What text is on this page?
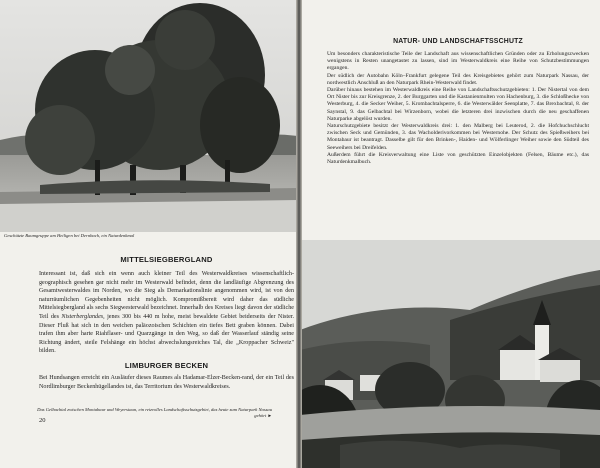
Geschützte Baumgruppe am Heiligen bei Dernbach, ein Naturdenkmal
MITTELSIEGBERGLAND

Interessant ist, daß sich ein wenn auch kleiner Teil des Westerwaldkreises wissenschaftlich-geographisch gesehen gar nicht mehr im Westerwald befindet, denn die landläufige Abgrenzung des Gesamtwesterwaldes im Norden, wo die Sieg als Demarkationslinie angenommen wird, ist von den naturräumlichen Gegebenheiten nicht möglich. Kompromißbereit wird daher das südliche Mittelsiegbergland als sechs Siegwesterwald bezeichnet. Innerhalb des Kreises liegt davon der südliche Teil des Nisterberglandes, jenes 300 bis 440 m hohe, meist bewaldete Gebiet beiderseits der Nister. Dieser Fluß hat sich in den weichen paläozoischen Schichten ein tiefes Bett graben können. Dabei trafen ihm aber harte Riahflaser- und Quarzgänge in den Weg, so daß der Wasserlauf ständig seine Richtung ändert, steile Felshänge ein höchst abwechslungsreiches Tal, die „Kroppacher Schweiz" bilden.

LIMBURGER BECKEN

Bei Hundsangen erreicht ein Ausläufer dieses Raumes als Hadamar-Elzer-Becken-rand, der ein Teil des Nordlimburger Beckenhügellandes ist, das Territorium des Westerwaldkreises.

20
NATUR- UND LANDSCHAFTSSCHUTZ

Um besonders charakteristische Teile der Landschaft aus wissenschaftlichen Gründen oder zu Erholungszwecken wenigstens in Resten unangetastet zu lassen, sind im Westerwaldkreis eine Reihe von Schutzbestimmungen ergangen.

Der südlich der Autobahn Köln–Frankfurt gelegene Teil des Kreisgebietes gehört zum Naturpark Nassau, der nordwestlich Anschluß an den Naturpark Rhein-Westerwald findet.

Darüber hinaus bestehen im Westerwaldkreis eine Reihe von Landschaftsschutzgebieten: 1. Der Nistertal von dem Ort Nister bis zur Kreisgrenze, 2. der Burggarten und die Kastanienmulten von Hachenburg, 3. die Schloßhecke von Westerburg, 4. die Secker Weiher, 5. Krombachtalsperre, 6. die Westerwälder Seenplatte, 7. das Brexbachtal, 8. der Saynstal, 9. das Gelbachtal bei Wirzenborn, wobei die letzteren drei inzwischen durch die neu geschaffenen Naturparke abgelöst wurden.

Naturschutzgebiete besitzt der Westerwaldkreis drei: 1. den Malberg bei Leuterod, 2. die Hofchuchschlucht zwischen Seck und Gemünden, 3. das Wacholderivorkommen bei Westernohe. Der Schutz des Spießweihers bei Montabaur ist beantragt. Dasselbe gilt für den Brinken-, Haiden- und Wölferlinger Weiher sowie den Südteil des Seeweihers bei Dreifelden.

Außerdem führt die Kreisverwaltung eine Liste von geschützten Einzelobjekten (Felsen, Bäume etc.), das Naturdenkmalbuch.

Das Gelbachtal zwischen Montabaur und Weyerstaun, ein reizvolles Landschaftsschutzgebiet, das heute zum Naturpark Nassau gehört ►
